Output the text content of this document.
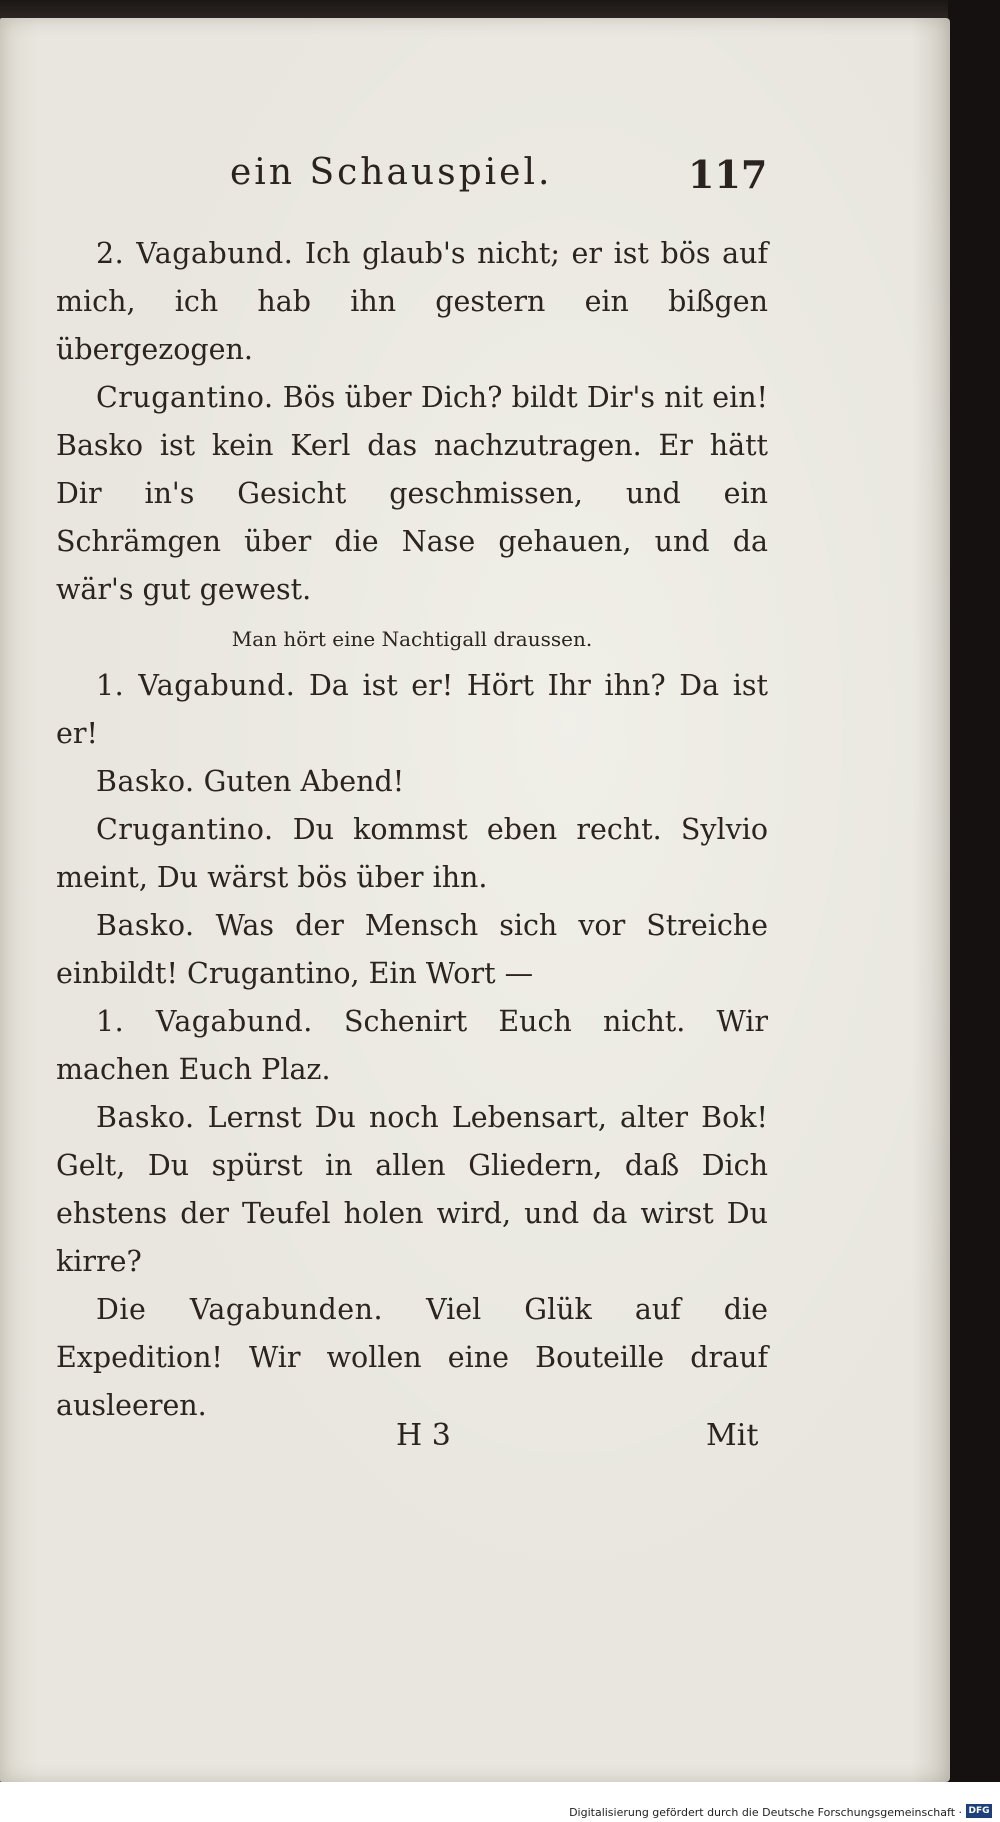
ein Schauspiel.	117

2. Vagabund. Ich glaub's nicht; er ist bös auf mich, ich hab ihn gestern ein bißgen übergezogen.

Crugantino. Bös über Dich? bildt Dir's nit ein! Basko ist kein Kerl das nachzutragen. Er hätt Dir in's Gesicht geschmissen, und ein Schrämgen über die Nase gehauen, und da wär's gut gewest.

Man hört eine Nachtigall draussen.

1. Vagabund. Da ist er! Hört Ihr ihn? Da ist er!

Basko. Guten Abend!

Crugantino. Du kommst eben recht. Sylvio meint, Du wärst bös über ihn.

Basko. Was der Mensch sich vor Streiche einbildt! Crugantino, Ein Wort —

1. Vagabund. Schenirt Euch nicht. Wir machen Euch Plaz.

Basko. Lernst Du noch Lebensart, alter Bok! Gelt, Du spürst in allen Gliedern, daß Dich ehstens der Teufel holen wird, und da wirst Du kirre?

Die Vagabunden. Viel Glük auf die Expedition! Wir wollen eine Bouteille drauf ausleeren.

H 3	Mit
Digitalisierung gefördert durch die Deutsche Forschungsgemeinschaft · DFG
